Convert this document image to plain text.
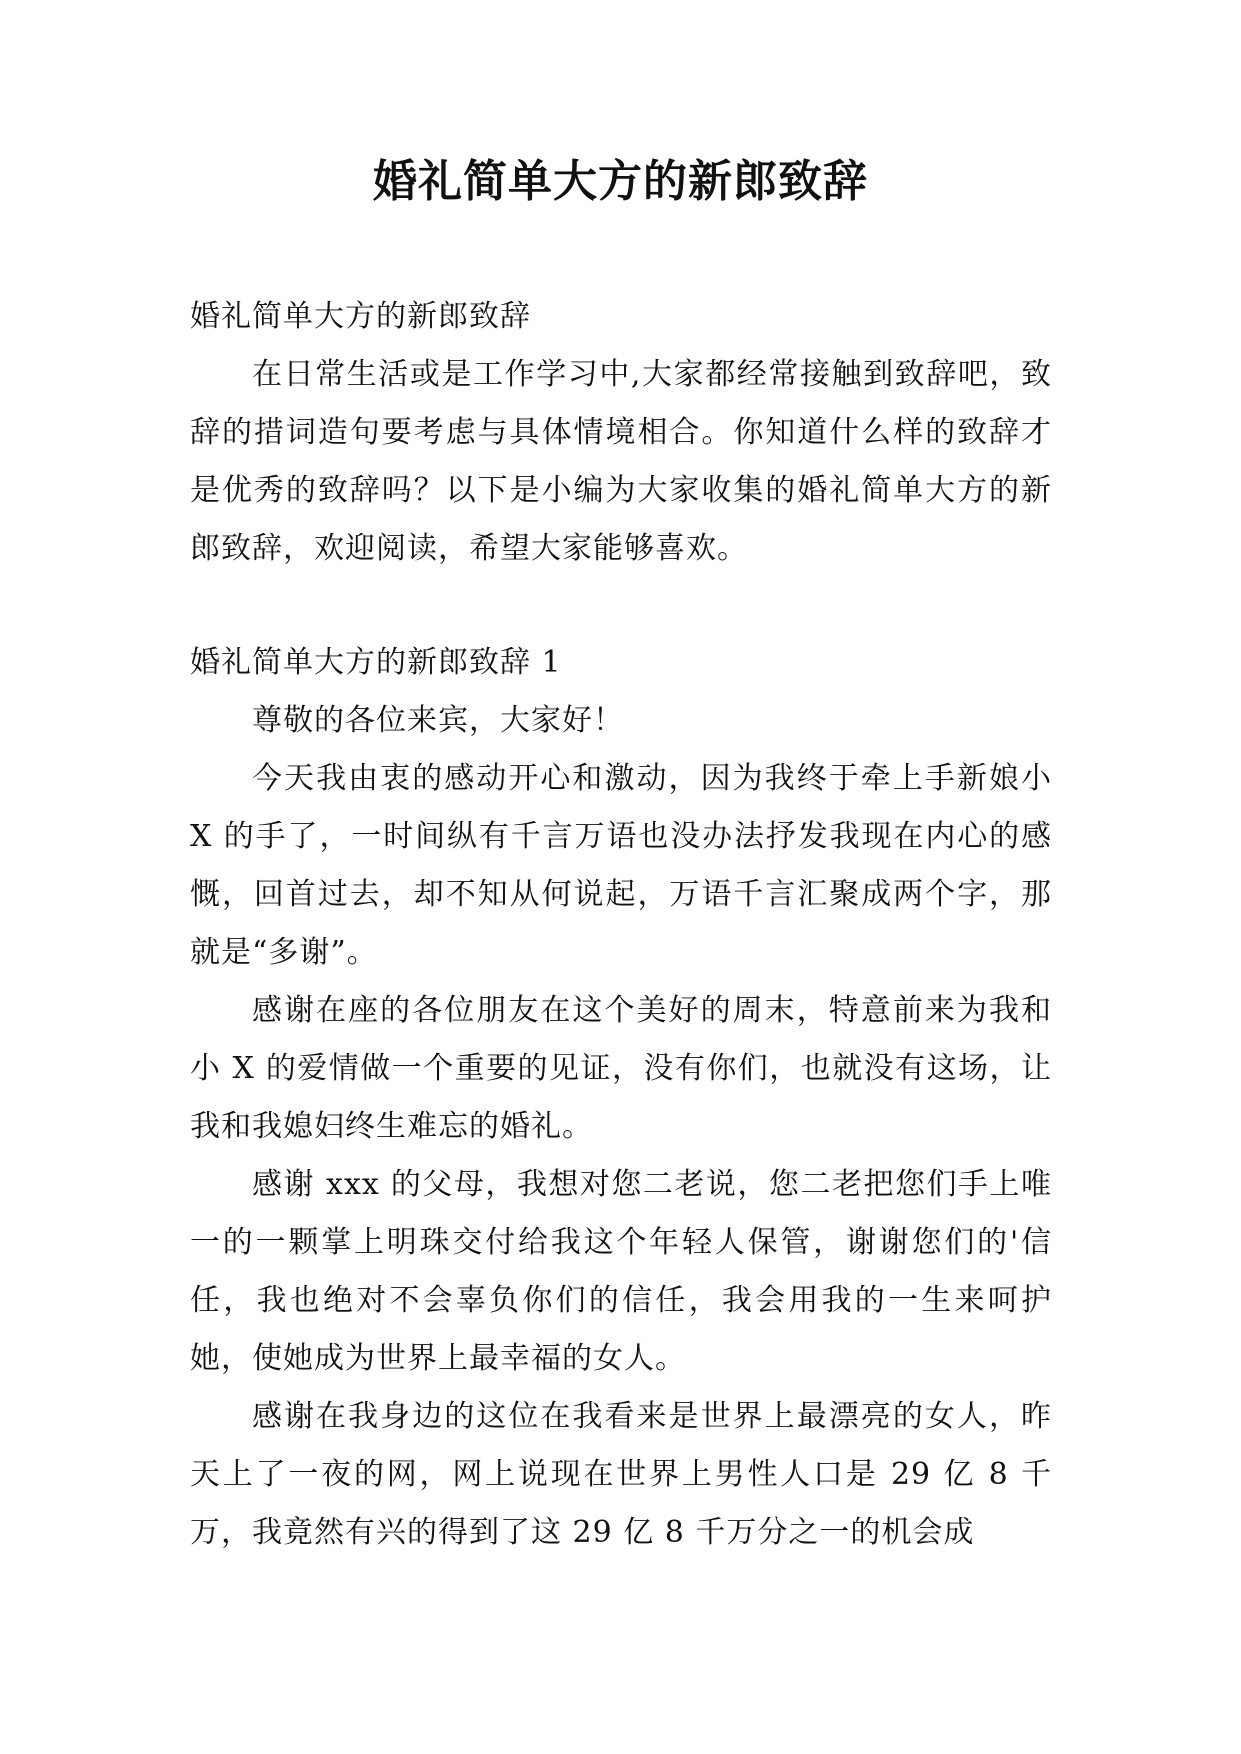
婚礼简单大方的新郎致辞

婚礼简单大方的新郎致辞

在日常生活或是工作学习中,大家都经常接触到致辞吧，致辞的措词造句要考虑与具体情境相合。你知道什么样的致辞才是优秀的致辞吗？以下是小编为大家收集的婚礼简单大方的新郎致辞，欢迎阅读，希望大家能够喜欢。

婚礼简单大方的新郎致辞 1

尊敬的各位来宾，大家好！

今天我由衷的感动开心和激动，因为我终于牵上手新娘小 X 的手了，一时间纵有千言万语也没办法抒发我现在内心的感慨，回首过去，却不知从何说起，万语千言汇聚成两个字，那就是“多谢”。

感谢在座的各位朋友在这个美好的周末，特意前来为我和小 X 的爱情做一个重要的见证，没有你们，也就没有这场，让我和我媳妇终生难忘的婚礼。

感谢 xxx 的父母，我想对您二老说，您二老把您们手上唯一的一颗掌上明珠交付给我这个年轻人保管，谢谢您们的'信任，我也绝对不会辜负你们的信任，我会用我的一生来呵护她，使她成为世界上最幸福的女人。

感谢在我身边的这位在我看来是世界上最漂亮的女人，昨天上了一夜的网，网上说现在世界上男性人口是 29 亿 8 千万，我竟然有兴的得到了这 29 亿 8 千万分之一的机会成
